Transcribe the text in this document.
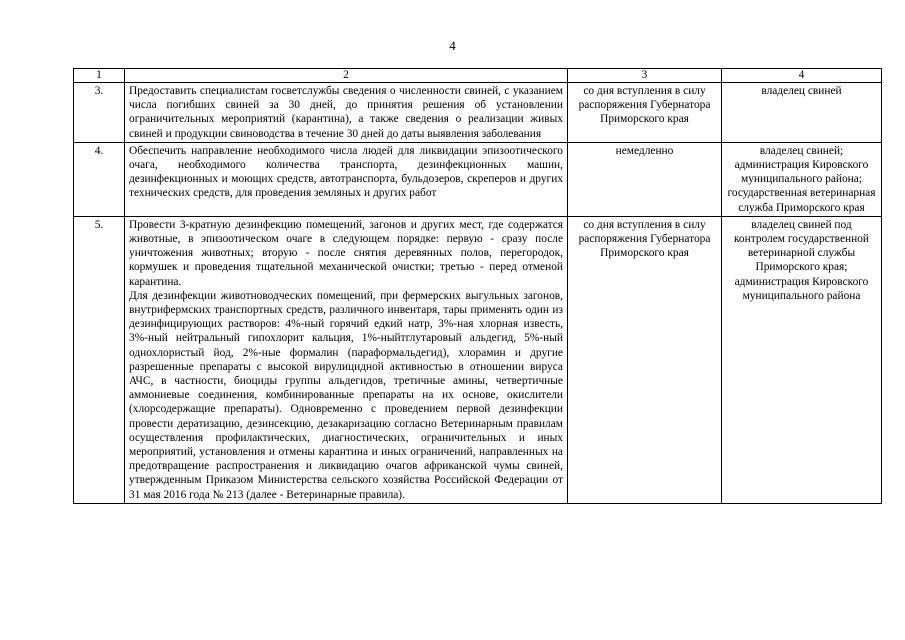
4
1	2	3	4
3.	Предоставить специалистам госветслужбы сведения о численности свиней, с указанием числа погибших свиней за 30 дней, до принятия решения об установлении ограничительных мероприятий (карантина), а также сведения о реализации живых свиней и продукции свиноводства в течение 30 дней до даты выявления заболевания	со дня вступления в силу распоряжения Губернатора Приморского края	владелец свиней
4.	Обеспечить направление необходимого числа людей для ликвидации эпизоотического очага, необходимого количества транспорта, дезинфекционных машин, дезинфекционных и моющих средств, автотранспорта, бульдозеров, скреперов и других технических средств, для проведения земляных и других работ	немедленно	владелец свиней; администрация Кировского муниципального района; государственная ветеринарная служба Приморского края
5.	Провести 3-кратную дезинфекцию помещений, загонов и других мест, где содержатся животные, в эпизоотическом очаге в следующем порядке: первую - сразу после уничтожения животных; вторую - после снятия деревянных полов, перегородок, кормушек и проведения тщательной механической очистки; третью - перед отменой карантина.
Для дезинфекции животноводческих помещений, при фермерских выгульных загонов, внутрифермских транспортных средств, различного инвентаря, тары применять один из дезинфицирующих растворов: 4%-ный горячий едкий натр, 3%-ная хлорная известь, 3%-ный нейтральный гипохлорит кальция, 1%-ныйтглутаровый альдегид, 5%-ный однохлористый йод, 2%-ные формалин (параформальдегид), хлорамин и другие разрешенные препараты с высокой вирулицидной активностью в отношении вируса АЧС, в частности, биоциды группы альдегидов, третичные амины, четвертичные аммониевые соединения, комбинированные препараты на их основе, окислители (хлорсодержащие препараты). Одновременно с проведением первой дезинфекции провести дератизацию, дезинсекцию, дезакаризацию согласно Ветеринарным правилам осуществления профилактических, диагностических, ограничительных и иных мероприятий, установления и отмены карантина и иных ограничений, направленных на предотвращение распространения и ликвидацию очагов африканской чумы свиней, утвержденным Приказом Министерства сельского хозяйства Российской Федерации от 31 мая 2016 года № 213 (далее - Ветеринарные правила).	со дня вступления в силу распоряжения Губернатора Приморского края	владелец свиней под контролем государственной ветеринарной службы Приморского края; администрация Кировского муниципального района
